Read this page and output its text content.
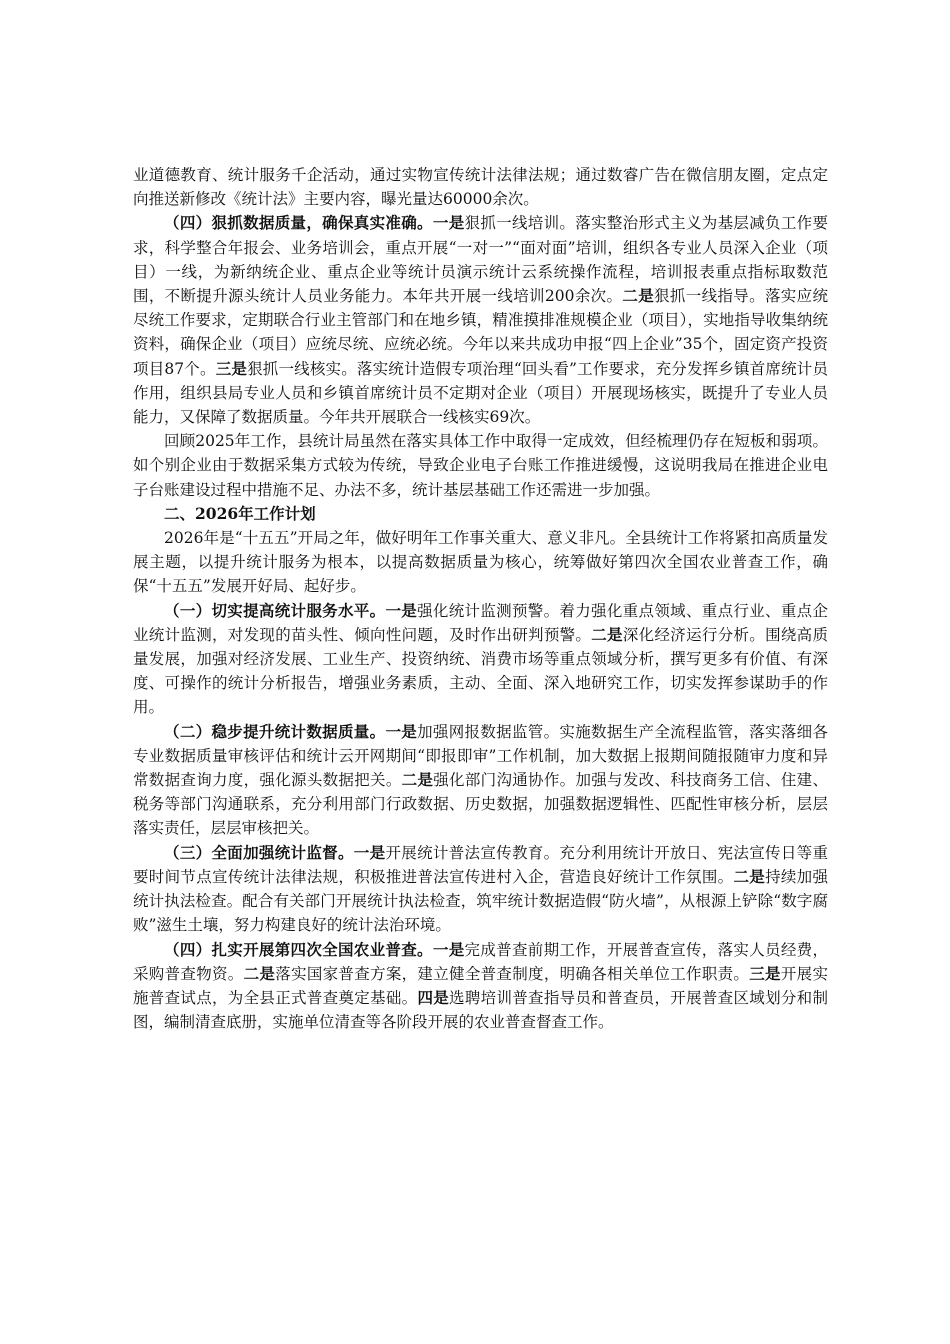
业道德教育、统计服务千企活动，通过实物宣传统计法律法规；通过数睿广告在微信朋友圈，定点定向推送新修改《统计法》主要内容，曝光量达60000余次。

（四）狠抓数据质量，确保真实准确。一是狠抓一线培训。落实整治形式主义为基层减负工作要求，科学整合年报会、业务培训会，重点开展“一对一”“面对面”培训，组织各专业人员深入企业（项目）一线，为新纳统企业、重点企业等统计员演示统计云系统操作流程，培训报表重点指标取数范围，不断提升源头统计人员业务能力。本年共开展一线培训200余次。二是狠抓一线指导。落实应统尽统工作要求，定期联合行业主管部门和在地乡镇，精准摸排准规模企业（项目），实地指导收集纳统资料，确保企业（项目）应统尽统、应统必统。今年以来共成功申报“四上企业”35个，固定资产投资项目87个。三是狠抓一线核实。落实统计造假专项治理“回头看”工作要求，充分发挥乡镇首席统计员作用，组织县局专业人员和乡镇首席统计员不定期对企业（项目）开展现场核实，既提升了专业人员能力，又保障了数据质量。今年共开展联合一线核实69次。

回顾2025年工作，县统计局虽然在落实具体工作中取得一定成效，但经梳理仍存在短板和弱项。如个别企业由于数据采集方式较为传统，导致企业电子台账工作推进缓慢，这说明我局在推进企业电子台账建设过程中措施不足、办法不多，统计基层基础工作还需进一步加强。

二、2026年工作计划

2026年是“十五五”开局之年，做好明年工作事关重大、意义非凡。全县统计工作将紧扣高质量发展主题，以提升统计服务为根本，以提高数据质量为核心，统筹做好第四次全国农业普查工作，确保“十五五”发展开好局、起好步。

（一）切实提高统计服务水平。一是强化统计监测预警。着力强化重点领域、重点行业、重点企业统计监测，对发现的苗头性、倾向性问题，及时作出研判预警。二是深化经济运行分析。围绕高质量发展，加强对经济发展、工业生产、投资纳统、消费市场等重点领域分析，撰写更多有价值、有深度、可操作的统计分析报告，增强业务素质，主动、全面、深入地研究工作，切实发挥参谋助手的作用。

（二）稳步提升统计数据质量。一是加强网报数据监管。实施数据生产全流程监管，落实落细各专业数据质量审核评估和统计云开网期间“即报即审”工作机制，加大数据上报期间随报随审力度和异常数据查询力度，强化源头数据把关。二是强化部门沟通协作。加强与发改、科技商务工信、住建、税务等部门沟通联系，充分利用部门行政数据、历史数据，加强数据逻辑性、匹配性审核分析，层层落实责任，层层审核把关。

（三）全面加强统计监督。一是开展统计普法宣传教育。充分利用统计开放日、宪法宣传日等重要时间节点宣传统计法律法规，积极推进普法宣传进村入企，营造良好统计工作氛围。二是持续加强统计执法检查。配合有关部门开展统计执法检查，筑牢统计数据造假“防火墙”，从根源上铲除“数字腐败”滋生土壤，努力构建良好的统计法治环境。

（四）扎实开展第四次全国农业普查。一是完成普查前期工作，开展普查宣传，落实人员经费，采购普查物资。二是落实国家普查方案，建立健全普查制度，明确各相关单位工作职责。三是开展实施普查试点，为全县正式普查奠定基础。四是选聘培训普查指导员和普查员，开展普查区域划分和制图，编制清查底册，实施单位清查等各阶段开展的农业普查督查工作。
